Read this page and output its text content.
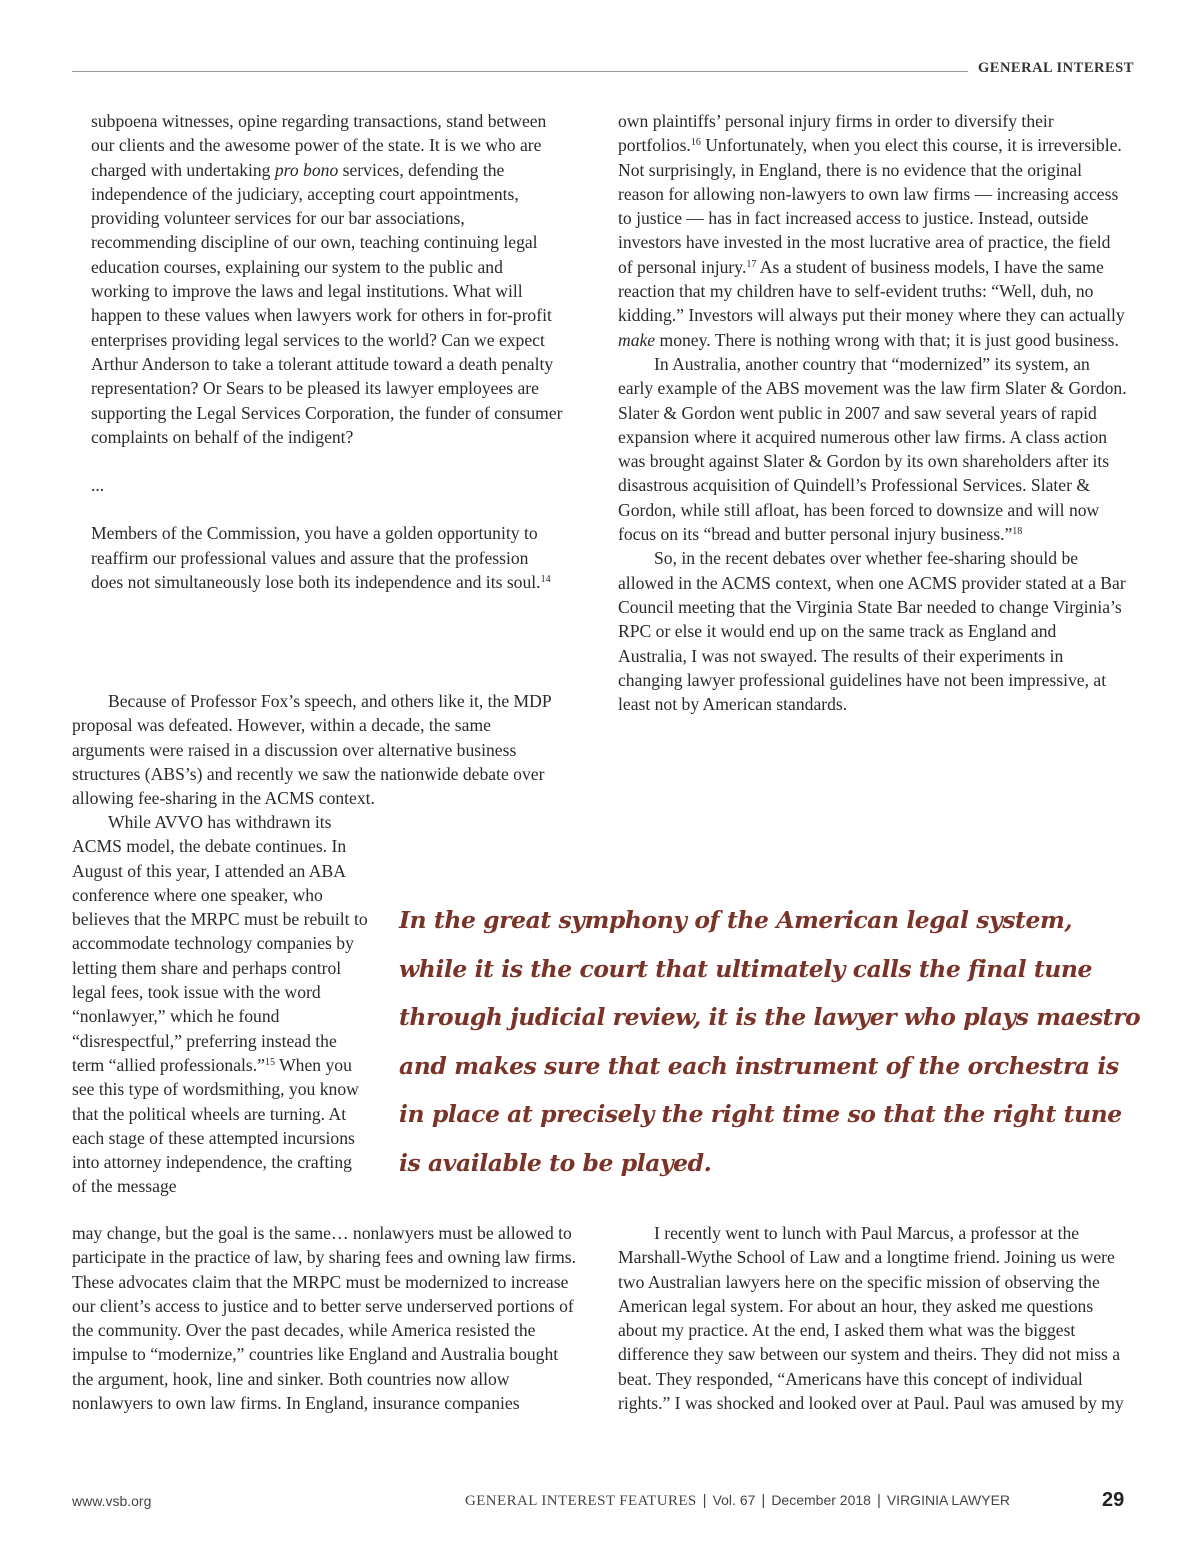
GENERAL INTEREST

subpoena witnesses, opine regarding transactions, stand between our clients and the awesome power of the state. It is we who are charged with undertaking pro bono services, defending the independence of the judiciary, accepting court appointments, providing volunteer services for our bar associations, recommending discipline of our own, teaching continuing legal education courses, explaining our system to the public and working to improve the laws and legal institutions. What will happen to these values when lawyers work for others in for-profit enterprises providing legal services to the world? Can we expect Arthur Anderson to take a tolerant attitude toward a death penalty representation? Or Sears to be pleased its lawyer employees are supporting the Legal Services Corporation, the funder of consumer complaints on behalf of the indigent?

...

Members of the Commission, you have a golden opportunity to reaffirm our professional values and assure that the profession does not simultaneously lose both its independence and its soul.$^{14}$

Because of Professor Fox’s speech, and others like it, the MDP proposal was defeated. However, within a decade, the same arguments were raised in a discussion over alternative business structures (ABS’s) and recently we saw the nationwide debate over allowing fee-sharing in the ACMS context.

While AVVO has withdrawn its ACMS model, the debate continues. In August of this year, I attended an ABA conference where one speaker, who believes that the MRPC must be rebuilt to accommodate technology companies by letting them share and perhaps control legal fees, took issue with the word “nonlawyer,” which he found “disrespectful,” preferring instead the term “allied professionals.”$^{15}$ When you see this type of wordsmithing, you know that the political wheels are turning. At each stage of these attempted incursions into attorney independence, the crafting of the message

may change, but the goal is the same… nonlawyers must be allowed to participate in the practice of law, by sharing fees and owning law firms. These advocates claim that the MRPC must be modernized to increase our client’s access to justice and to better serve underserved portions of the community. Over the past decades, while America resisted the impulse to “modernize,” countries like England and Australia bought the argument, hook, line and sinker. Both countries now allow nonlawyers to own law firms. In England, insurance companies

own plaintiffs’ personal injury firms in order to diversify their portfolios.$^{16}$ Unfortunately, when you elect this course, it is irreversible. Not surprisingly, in England, there is no evidence that the original reason for allowing non-lawyers to own law firms — increasing access to justice — has in fact increased access to justice. Instead, outside investors have invested in the most lucrative area of practice, the field of personal injury.$^{17}$ As a student of business models, I have the same reaction that my children have to self-evident truths: “Well, duh, no kidding.” Investors will always put their money where they can actually make money. There is nothing wrong with that; it is just good business.

In Australia, another country that “modernized” its system, an early example of the ABS movement was the law firm Slater & Gordon. Slater & Gordon went public in 2007 and saw several years of rapid expansion where it acquired numerous other law firms. A class action was brought against Slater & Gordon by its own shareholders after its disastrous acquisition of Quindell’s Professional Services. Slater & Gordon, while still afloat, has been forced to downsize and will now focus on its “bread and butter personal injury business.”$^{18}$

So, in the recent debates over whether fee-sharing should be allowed in the ACMS context, when one ACMS provider stated at a Bar Council meeting that the Virginia State Bar needed to change Virginia’s RPC or else it would end up on the same track as England and Australia, I was not swayed. The results of their experiments in changing lawyer professional guidelines have not been impressive, at least not by American standards.

I recently went to lunch with Paul Marcus, a professor at the Marshall-Wythe School of Law and a longtime friend. Joining us were two Australian lawyers here on the specific mission of observing the American legal system. For about an hour, they asked me questions about my practice. At the end, I asked them what was the biggest difference they saw between our system and theirs. They did not miss a beat. They responded, “Americans have this concept of individual rights.” I was shocked and looked over at Paul. Paul was amused by my

In the great symphony of the American legal system, while it is the court that ultimately calls the final tune through judicial review, it is the lawyer who plays maestro and makes sure that each instrument of the orchestra is in place at precisely the right time so that the right tune is available to be played.

www.vsb.org	GENERAL INTEREST FEATURES | Vol. 67 | December 2018 | VIRGINIA LAWYER	29
